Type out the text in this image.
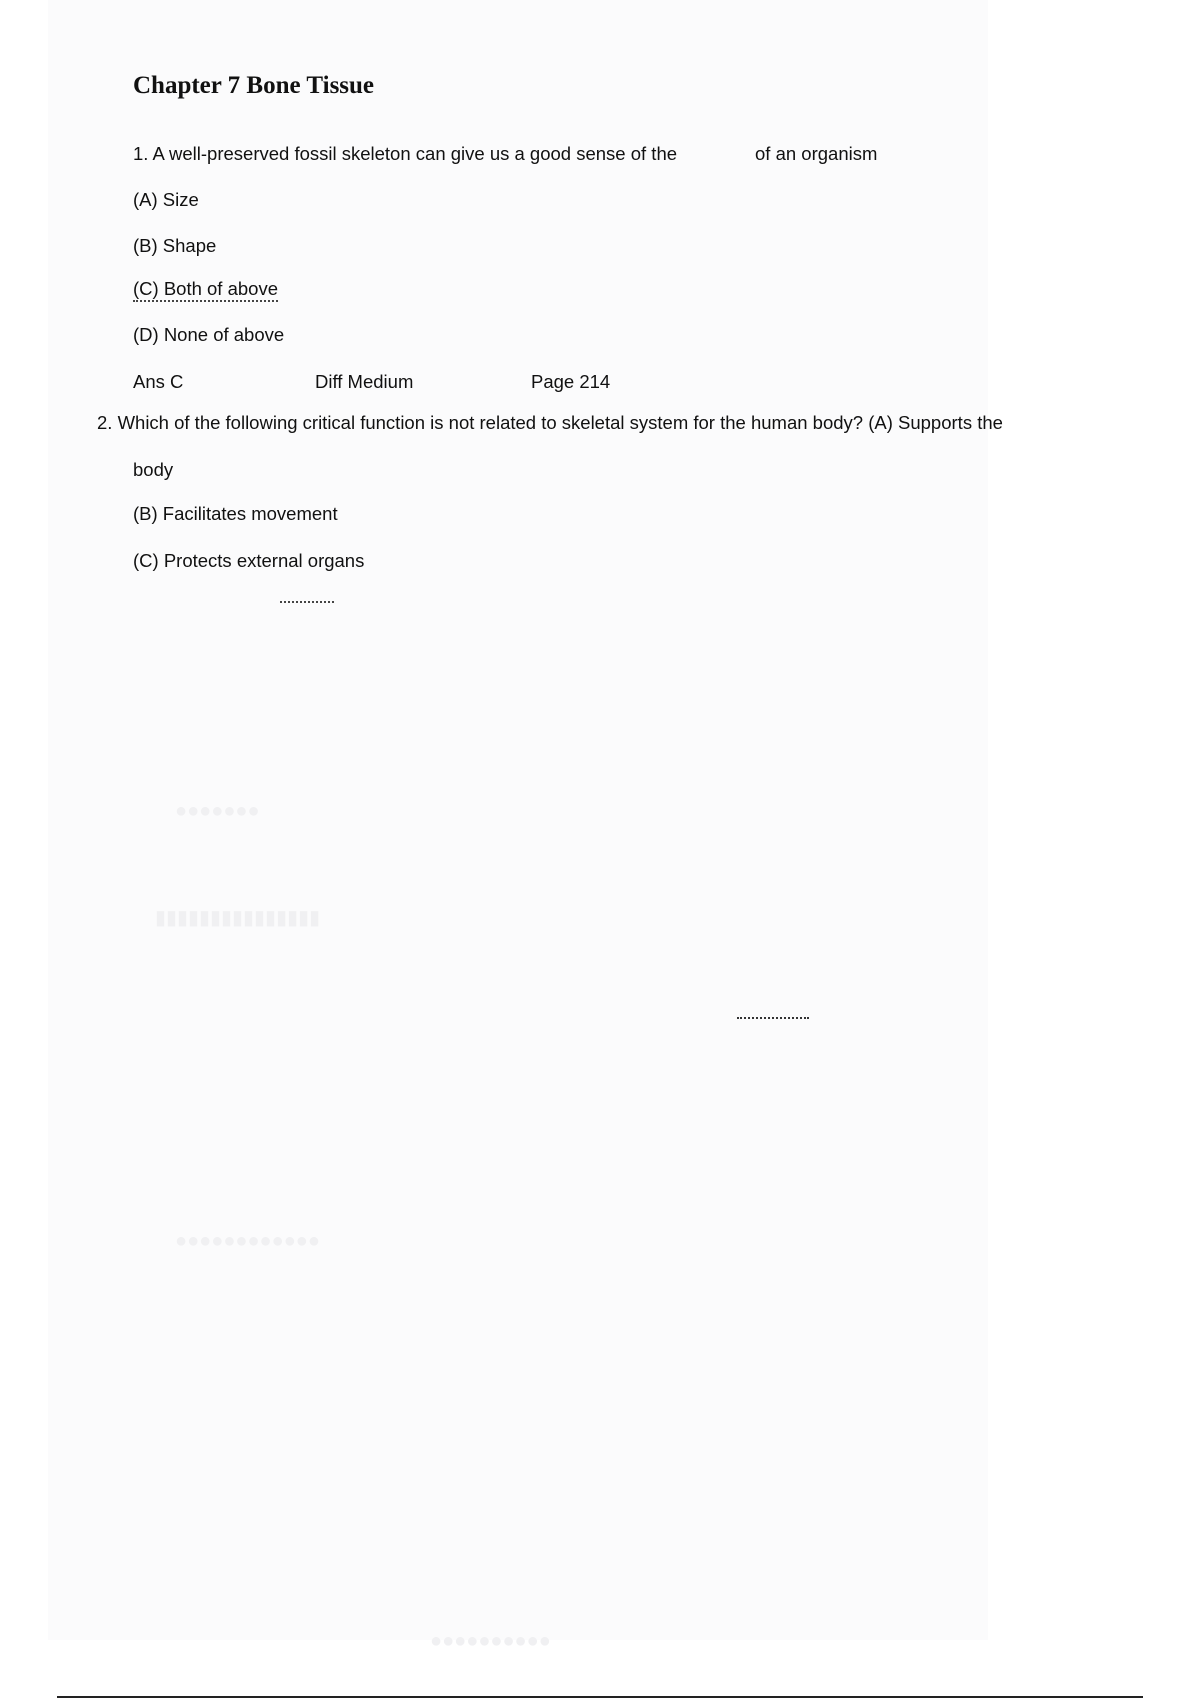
Chapter 7 Bone Tissue
1. A well-preserved fossil skeleton can give us a good sense of the	of an organism
(A) Size
(B) Shape
(C) Both of above
(D) None of above
Ans C	Diff Medium	Page 214
2. Which of the following critical function is not related to skeletal system for the human body? (A) Supports the
body
(B) Facilitates movement
(C) Protects external organs
●●●●●●●
▮▮▮▮▮▮▮▮▮▮▮▮▮▮▮
●●●●●●●●●●●●
●●●●●●●●●●
